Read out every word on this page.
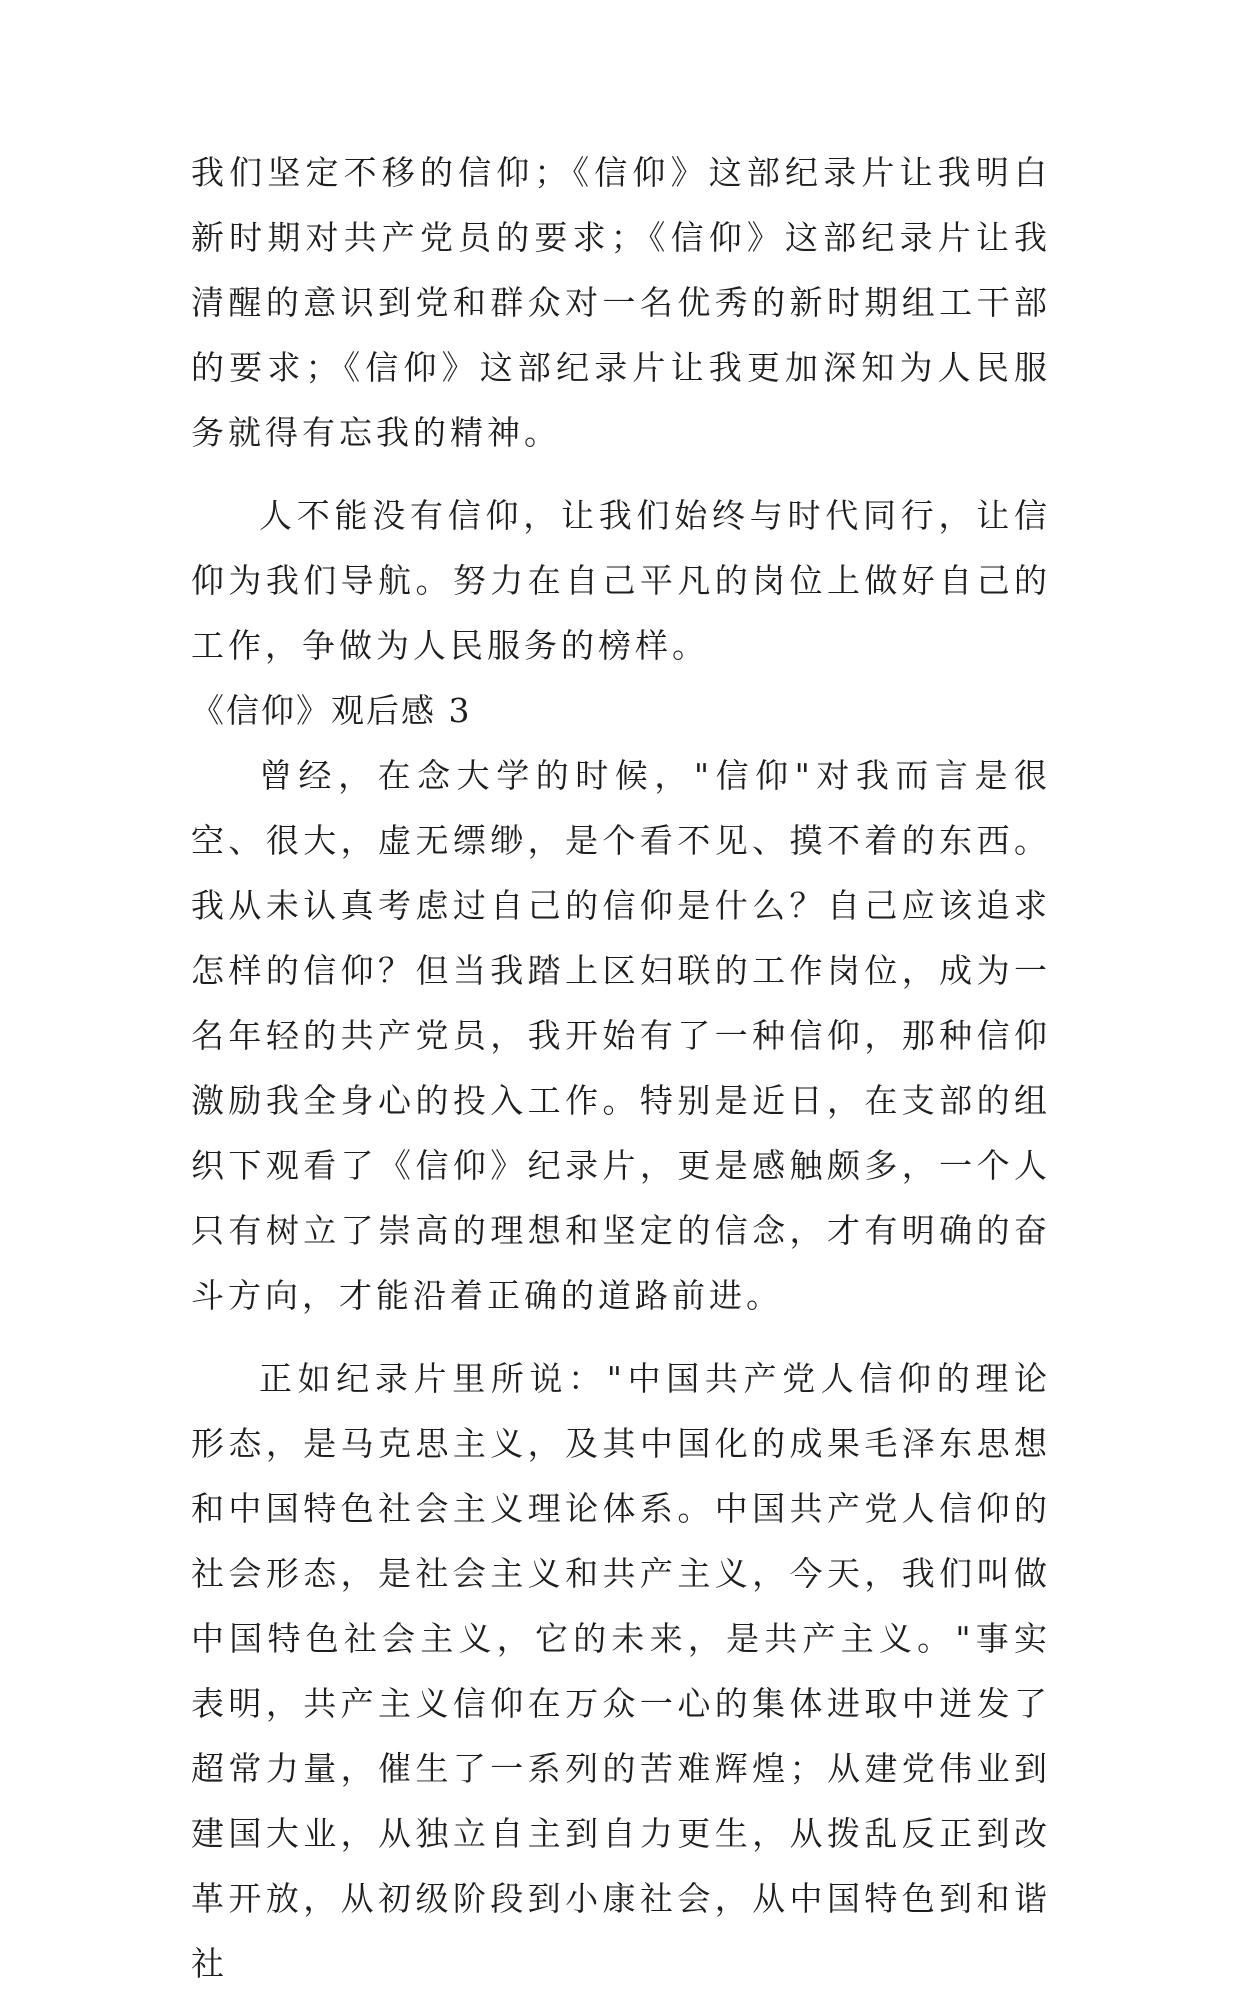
我们坚定不移的信仰；《信仰》这部纪录片让我明白新时期对共产党员的要求；《信仰》这部纪录片让我清醒的意识到党和群众对一名优秀的新时期组工干部的要求；《信仰》这部纪录片让我更加深知为人民服务就得有忘我的精神。

人不能没有信仰，让我们始终与时代同行，让信仰为我们导航。努力在自己平凡的岗位上做好自己的工作，争做为人民服务的榜样。

《信仰》观后感 3

曾经，在念大学的时候，"信仰"对我而言是很空、很大，虚无缥缈，是个看不见、摸不着的东西。我从未认真考虑过自己的信仰是什么？自己应该追求怎样的信仰？但当我踏上区妇联的工作岗位，成为一名年轻的共产党员，我开始有了一种信仰，那种信仰激励我全身心的投入工作。特别是近日，在支部的组织下观看了《信仰》纪录片，更是感触颇多，一个人只有树立了崇高的理想和坚定的信念，才有明确的奋斗方向，才能沿着正确的道路前进。

正如纪录片里所说："中国共产党人信仰的理论形态，是马克思主义，及其中国化的成果毛泽东思想和中国特色社会主义理论体系。中国共产党人信仰的社会形态，是社会主义和共产主义，今天，我们叫做中国特色社会主义，它的未来，是共产主义。"事实表明，共产主义信仰在万众一心的集体进取中迸发了超常力量，催生了一系列的苦难辉煌；从建党伟业到建国大业，从独立自主到自力更生，从拨乱反正到改革开放，从初级阶段到小康社会，从中国特色到和谐社
